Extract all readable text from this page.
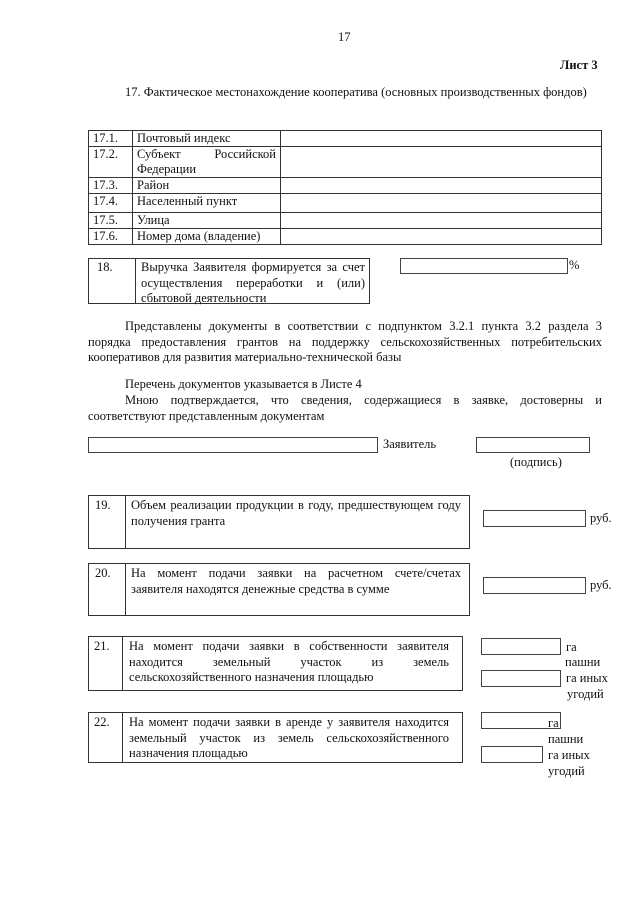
17
Лист 3
17. Фактическое местонахождение кооператива (основных производственных фондов)
17.1.	Почтовый индекс	
17.2.	Субъект Российской Федерации	

17.3.	Район	
17.4.	Населенный пункт	
17.5.	Улица	
17.6.	Номер дома (владение)	
18. Выручка Заявителя формируется за счет осуществления переработки и (или) сбытовой деятельности
%
Представлены документы в соответствии с подпунктом 3.2.1 пункта 3.2 раздела 3 порядка предоставления грантов на поддержку сельскохозяйственных потребительских кооперативов для развития материально-технической базы
Перечень документов указывается в Листе 4
Мною подтверждается, что сведения, содержащиеся в заявке, достоверны и соответствуют представленным документам
Заявитель
(подпись)
19. Объем реализации продукции в году, предшествующем году получения гранта	руб.
20. На момент подачи заявки на расчетном счете/счетах заявителя находятся денежные средства в сумме	руб.
21. На момент подачи заявки в собственности заявителя находится земельный участок из земель сельскохозяйственного назначения площадью
га
пашни
га иных
угодий
22. На момент подачи заявки в аренде у заявителя находится земельный участок из земель сельскохозяйственного назначения площадью
га
пашни
га иных
угодий
